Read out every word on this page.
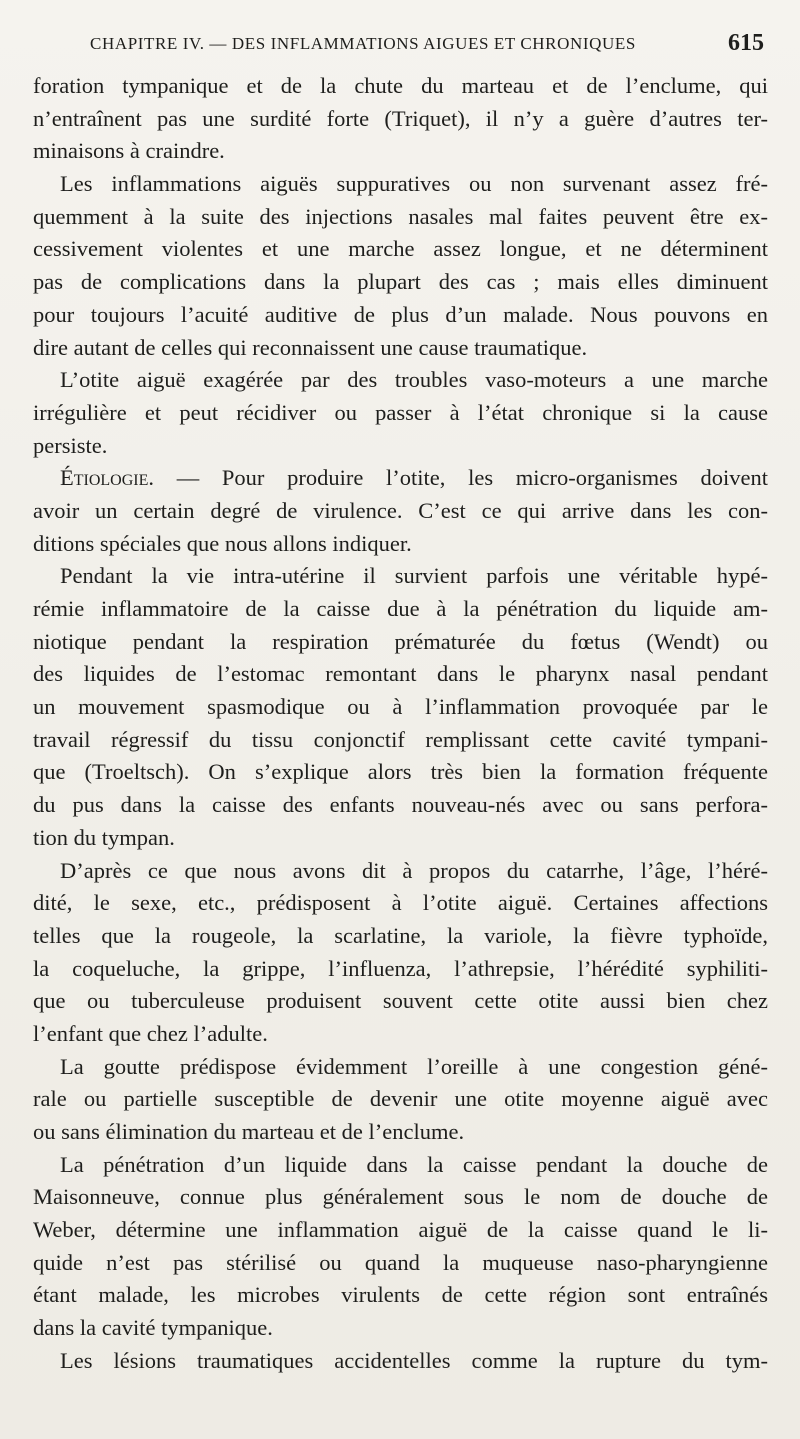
CHAPITRE IV. — DES INFLAMMATIONS AIGUES ET CHRONIQUES	615
foration tympanique et de la chute du marteau et de l’enclume, qui
n’entraînent pas une surdité forte (Triquet), il n’y a guère d’autres ter-
minaisons à craindre.
Les inflammations aiguës suppuratives ou non survenant assez fré-
quemment à la suite des injections nasales mal faites peuvent être ex-
cessivement violentes et une marche assez longue, et ne déterminent
pas de complications dans la plupart des cas ; mais elles diminuent
pour toujours l’acuité auditive de plus d’un malade. Nous pouvons en
dire autant de celles qui reconnaissent une cause traumatique.
L’otite aiguë exagérée par des troubles vaso-moteurs a une marche
irrégulière et peut récidiver ou passer à l’état chronique si la cause
persiste.
Étiologie. — Pour produire l’otite, les micro-organismes doivent
avoir un certain degré de virulence. C’est ce qui arrive dans les con-
ditions spéciales que nous allons indiquer.
Pendant la vie intra-utérine il survient parfois une véritable hypé-
rémie inflammatoire de la caisse due à la pénétration du liquide am-
niotique pendant la respiration prématurée du fœtus (Wendt) ou
des liquides de l’estomac remontant dans le pharynx nasal pendant
un mouvement spasmodique ou à l’inflammation provoquée par le
travail régressif du tissu conjonctif remplissant cette cavité tympani-
que (Troeltsch). On s’explique alors très bien la formation fréquente
du pus dans la caisse des enfants nouveau-nés avec ou sans perfora-
tion du tympan.
D’après ce que nous avons dit à propos du catarrhe, l’âge, l’héré-
dité, le sexe, etc., prédisposent à l’otite aiguë. Certaines affections
telles que la rougeole, la scarlatine, la variole, la fièvre typhoïde,
la coqueluche, la grippe, l’influenza, l’athrepsie, l’hérédité syphiliti-
que ou tuberculeuse produisent souvent cette otite aussi bien chez
l’enfant que chez l’adulte.
La goutte prédispose évidemment l’oreille à une congestion géné-
rale ou partielle susceptible de devenir une otite moyenne aiguë avec
ou sans élimination du marteau et de l’enclume.
La pénétration d’un liquide dans la caisse pendant la douche de
Maisonneuve, connue plus généralement sous le nom de douche de
Weber, détermine une inflammation aiguë de la caisse quand le li-
quide n’est pas stérilisé ou quand la muqueuse naso-pharyngienne
étant malade, les microbes virulents de cette région sont entraînés
dans la cavité tympanique.
Les lésions traumatiques accidentelles comme la rupture du tym-
